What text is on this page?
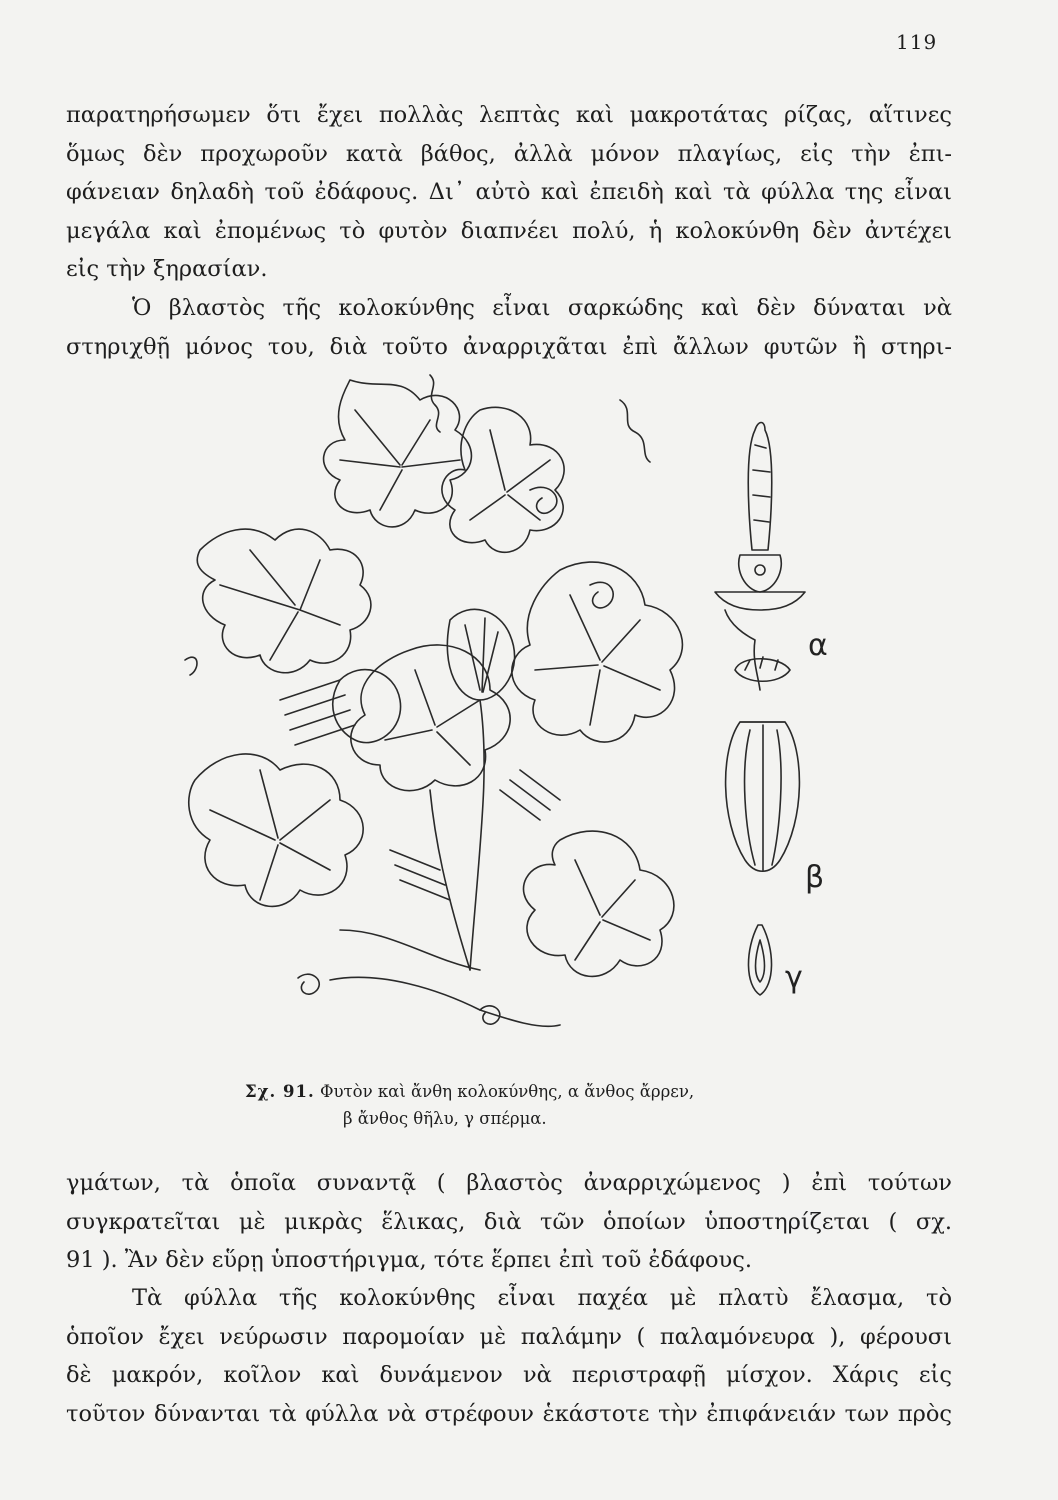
119
παρατηρήσωμεν ὅτι ἔχει πολλὰς λεπτὰς καὶ μακροτάτας ρίζας, αἵτινες
ὅμως δὲν προχωροῦν κατὰ βάθος, ἀλλὰ μόνον πλαγίως, εἰς τὴν ἐπι-
φάνειαν δηλαδὴ τοῦ ἐδάφους. Δι᾽ αὐτὸ καὶ ἐπειδὴ καὶ τὰ φύλλα της εἶναι
μεγάλα καὶ ἐπομένως τὸ φυτὸν διαπνέει πολύ, ἡ κολοκύνθη δὲν ἀντέχει
εἰς τὴν ξηρασίαν.
Ὁ βλαστὸς τῆς κολοκύνθης εἶναι σαρκώδης καὶ δὲν δύναται νὰ
στηριχθῇ μόνος του, διὰ τοῦτο ἀναρριχᾶται ἐπὶ ἄλλων φυτῶν ἢ στηρι-
α
β
γ
Σχ. 91. Φυτὸν καὶ ἄνθη κολοκύνθης, α ἄνθος ἄρρεν,
β ἄνθος θῆλυ, γ σπέρμα.
γμάτων, τὰ ὁποῖα συναντᾷ ( βλαστὸς ἀναρριχώμενος ) ἐπὶ τούτων
συγκρατεῖται μὲ μικρὰς ἕλικας, διὰ τῶν ὁποίων ὑποστηρίζεται ( σχ.
91 ). Ἂν δὲν εὕρῃ ὑποστήριγμα, τότε ἕρπει ἐπὶ τοῦ ἐδάφους.
Τὰ φύλλα τῆς κολοκύνθης εἶναι παχέα μὲ πλατὺ ἔλασμα, τὸ
ὁποῖον ἔχει νεύρωσιν παρομοίαν μὲ παλάμην ( παλαμόνευρα ), φέρουσι
δὲ μακρόν, κοῖλον καὶ δυνάμενον νὰ περιστραφῇ μίσχον. Χάρις εἰς
τοῦτον δύνανται τὰ φύλλα νὰ στρέφουν ἑκάστοτε τὴν ἐπιφάνειάν των πρὸς
